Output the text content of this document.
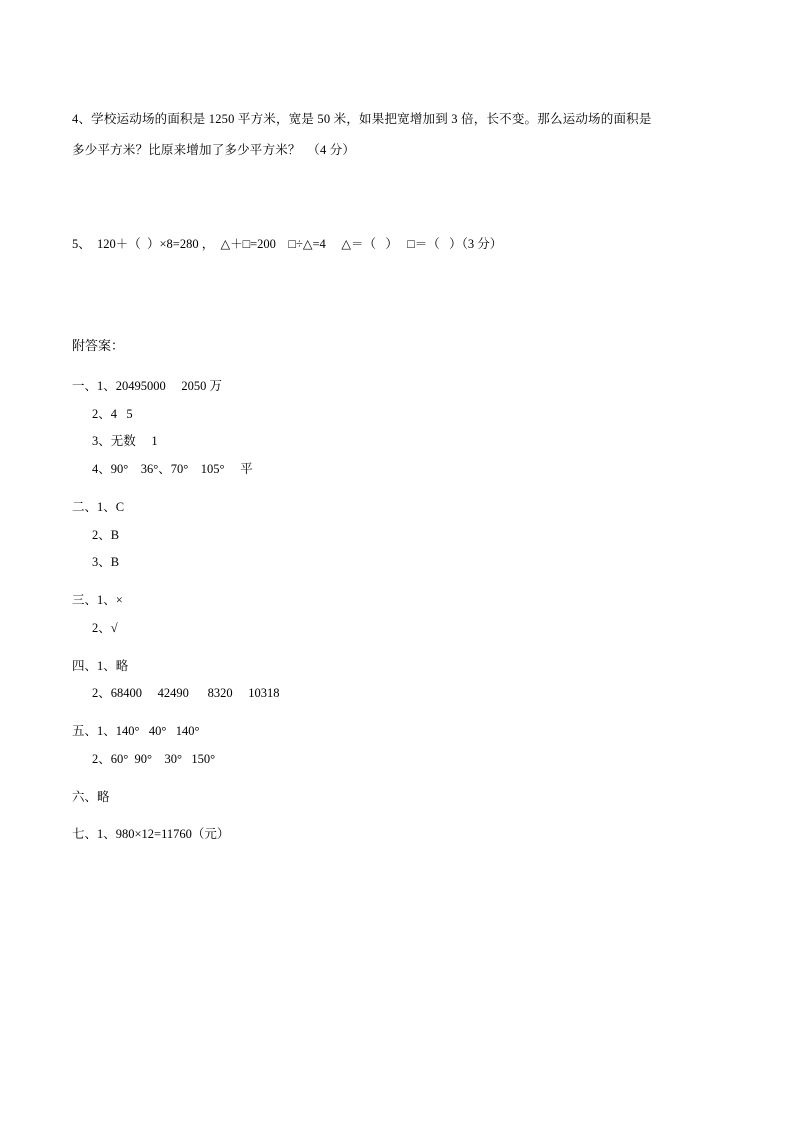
4、学校运动场的面积是 1250 平方米，宽是 50 米，如果把宽增加到 3 倍，长不变。那么运动场的面积是
多少平方米？比原来增加了多少平方米？  （4 分）
5、  120＋（  ）×8=280 ，  △＋□=200    □÷△=4     △＝（   ）   □＝（   ）（3 分）
附答案：
一、1、20495000     2050 万
2、4   5
3、无数     1
4、90°    36°、70°    105°     平
二、1、C
2、B
3、B
三、1、×
2、√
四、1、略
2、68400     42490      8320     10318
五、1、140°   40°   140°
2、60°  90°    30°   150°
六、略
七、1、980×12=11760（元）
